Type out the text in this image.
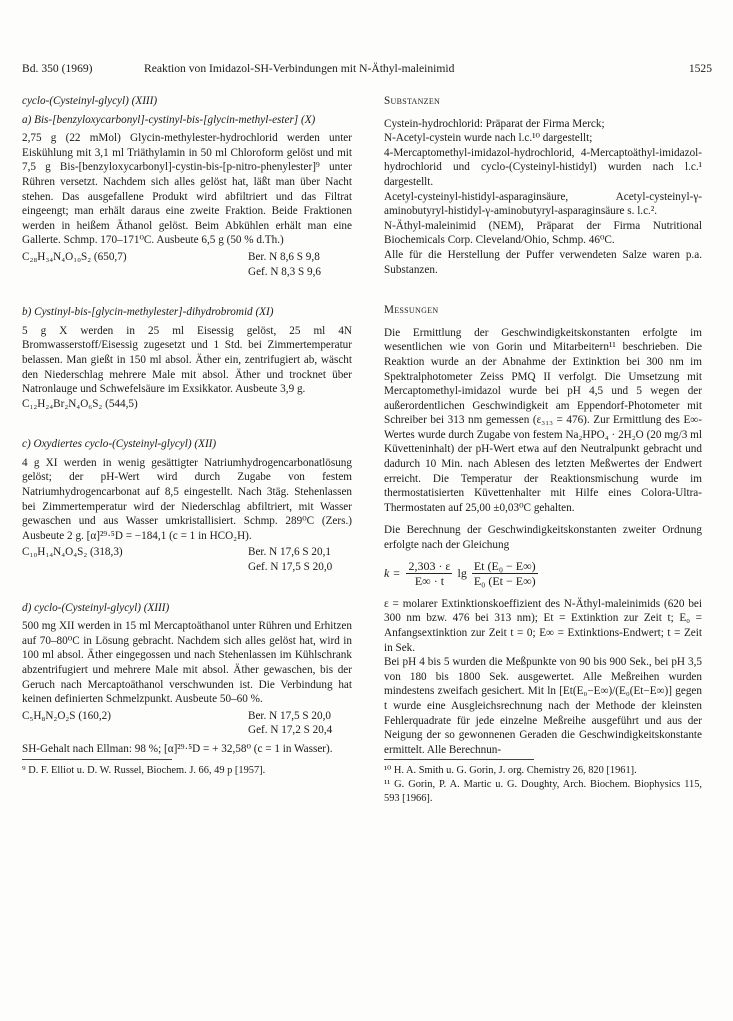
Bd. 350 (1969)	Reaktion von Imidazol-SH-Verbindungen mit N-Äthyl-maleinimid	1525

cyclo-(Cysteinyl-glycyl) (XIII)

a) Bis-[benzyloxycarbonyl]-cystinyl-bis-[glycin-methyl-ester] (X)

2,75 g (22 mMol) Glycin-methylester-hydrochlorid werden unter Eiskühlung mit 3,1 ml Triäthylamin in 50 ml Chloroform gelöst und mit 7,5 g Bis-[benzyloxycarbonyl]-cystin-bis-[p-nitro-phenylester]⁹ unter Rühren versetzt. Nachdem sich alles gelöst hat, läßt man über Nacht stehen. Das ausgefallene Produkt wird abfiltriert und das Filtrat eingeengt; man erhält daraus eine zweite Fraktion. Beide Fraktionen werden in heißem Äthanol gelöst. Beim Abkühlen erhält man eine Gallerte. Schmp. 170–171⁰C. Ausbeute 6,5 g (50 % d.Th.)

C₂₈H₃₄N₄O₁₀S₂ (650,7)	Ber. N 8,6 S 9,8
Gef. N 8,3 S 9,6

b) Cystinyl-bis-[glycin-methylester]-dihydrobromid (XI)

5 g X werden in 25 ml Eisessig gelöst, 25 ml 4N Bromwasserstoff/Eisessig zugesetzt und 1 Std. bei Zimmertemperatur belassen. Man gießt in 150 ml absol. Äther ein, zentrifugiert ab, wäscht den Niederschlag mehrere Male mit absol. Äther und trocknet über Natronlauge und Schwefelsäure im Exsikkator. Ausbeute 3,9 g.

C₁₂H₂₄Br₂N₄O₆S₂ (544,5)

c) Oxydiertes cyclo-(Cysteinyl-glycyl) (XII)

4 g XI werden in wenig gesättigter Natriumhydrogencarbonatlösung gelöst; der pH-Wert wird durch Zugabe von festem Natriumhydrogencarbonat auf 8,5 eingestellt. Nach 3täg. Stehenlassen bei Zimmertemperatur wird der Niederschlag abfiltriert, mit Wasser gewaschen und aus Wasser umkristallisiert. Schmp. 289⁰C (Zers.) Ausbeute 2 g. [α]²⁹·⁵D = −184,1 (c = 1 in HCO₂H).

C₁₀H₁₄N₄O₄S₂ (318,3)	Ber. N 17,6 S 20,1
Gef. N 17,5 S 20,0

d) cyclo-(Cysteinyl-glycyl) (XIII)

500 mg XII werden in 15 ml Mercaptoäthanol unter Rühren und Erhitzen auf 70–80⁰C in Lösung gebracht. Nachdem sich alles gelöst hat, wird in 100 ml absol. Äther eingegossen und nach Stehenlassen im Kühlschrank abzentrifugiert und mehrere Male mit absol. Äther gewaschen, bis der Geruch nach Mercaptoäthanol verschwunden ist. Die Verbindung hat keinen definierten Schmelzpunkt. Ausbeute 50–60 %.

C₅H₈N₂O₂S (160,2)	Ber. N 17,5 S 20,0
Gef. N 17,2 S 20,4

SH-Gehalt nach Ellman: 98 %; [α]²⁹·⁵D = + 32,58⁰ (c = 1 in Wasser).

⁹ D. F. Elliot u. D. W. Russel, Biochem. J. 66, 49 p [1957].

Substanzen

Cystein-hydrochlorid: Präparat der Firma Merck;

N-Acetyl-cystein wurde nach l.c.¹⁰ dargestellt;

4-Mercaptomethyl-imidazol-hydrochlorid, 4-Mercaptoäthyl-imidazol-hydrochlorid und cyclo-(Cysteinyl-histidyl) wurden nach l.c.¹ dargestellt.

Acetyl-cysteinyl-histidyl-asparaginsäure, Acetyl-cysteinyl-γ-aminobutyryl-histidyl-γ-aminobutyryl-asparaginsäure s. l.c.².

N-Äthyl-maleinimid (NEM), Präparat der Firma Nutritional Biochemicals Corp. Cleveland/Ohio, Schmp. 46⁰C.

Alle für die Herstellung der Puffer verwendeten Salze waren p.a. Substanzen.

Messungen

Die Ermittlung der Geschwindigkeitskonstanten erfolgte im wesentlichen wie von Gorin und Mitarbeitern¹¹ beschrieben. Die Reaktion wurde an der Abnahme der Extinktion bei 300 nm im Spektralphotometer Zeiss PMQ II verfolgt. Die Umsetzung mit Mercaptomethyl-imidazol wurde bei pH 4,5 und 5 wegen der außerordentlichen Geschwindigkeit am Eppendorf-Photometer mit Schreiber bei 313 nm gemessen (ε₃₁₃ = 476). Zur Ermittlung des E∞-Wertes wurde durch Zugabe von festem Na₂HPO₄ · 2H₂O (20 mg/3 ml Küvetteninhalt) der pH-Wert etwa auf den Neutralpunkt gebracht und dadurch 10 Min. nach Ablesen des letzten Meßwertes der Endwert erreicht. Die Temperatur der Reaktionsmischung wurde im thermostatisierten Küvettenhalter mit Hilfe eines Colora-Ultra-Thermostaten auf 25,00 ±0,03⁰C gehalten.

Die Berechnung der Geschwindigkeitskonstanten zweiter Ordnung erfolgte nach der Gleichung

$k = \frac{2,303 \cdot \varepsilon}{E\infty \cdot t}$ $\lg \frac{\text{Et (E₀ − E∞)}}{\text{E₀ (Et − E∞)}}$

ε = molarer Extinktionskoeffizient des N-Äthyl-maleinimids (620 bei 300 nm bzw. 476 bei 313 nm); Et = Extinktion zur Zeit t; E₀ = Anfangsextinktion zur Zeit t = 0; E∞ = Extinktions-Endwert; t = Zeit in Sek.

Bei pH 4 bis 5 wurden die Meßpunkte von 90 bis 900 Sek., bei pH 3,5 von 180 bis 1800 Sek. ausgewertet. Alle Meßreihen wurden mindestens zweifach gesichert. Mit ln [Et(E₀−E∞)/(E₀(Et−E∞)] gegen t wurde eine Ausgleichsrechnung nach der Methode der kleinsten Fehlerquadrate für jede einzelne Meßreihe ausgeführt und aus der Neigung der so gewonnenen Geraden die Geschwindigkeitskonstante ermittelt. Alle Berechnun-

¹⁰ H. A. Smith u. G. Gorin, J. org. Chemistry 26, 820 [1961].

¹¹ G. Gorin, P. A. Martic u. G. Doughty, Arch. Biochem. Biophysics 115, 593 [1966].
